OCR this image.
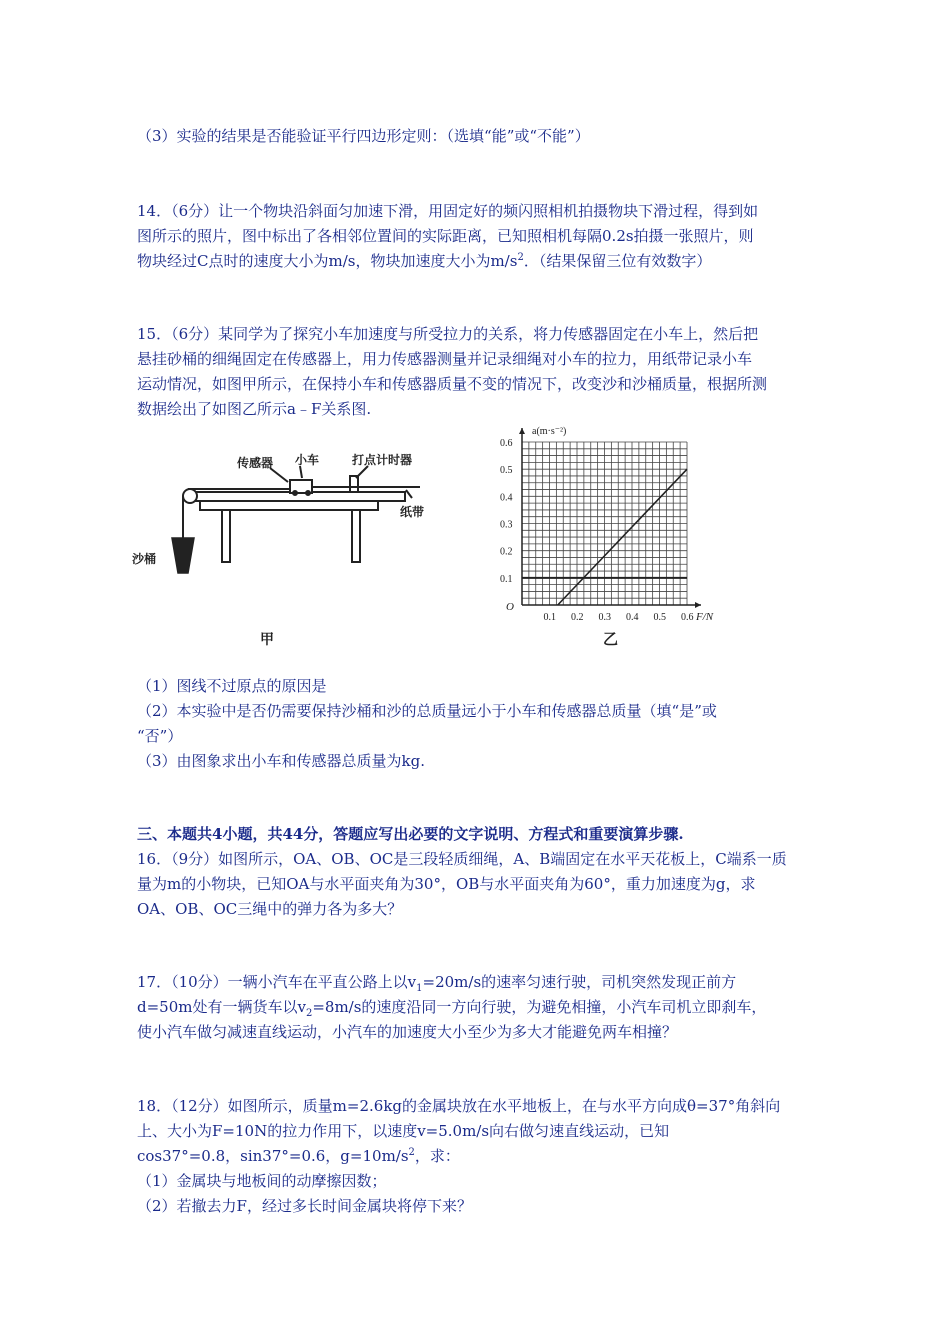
（3）实验的结果是否能验证平行四边形定则：（选填“能”或“不能”）

14．（6分）让一个物块沿斜面匀加速下滑，用固定好的频闪照相机拍摄物块下滑过程，得到如

图所示的照片，图中标出了各相邻位置间的实际距离，已知照相机每隔0.2s拍摄一张照片，则

物块经过C点时的速度大小为m/s，物块加速度大小为$m/s^2$．（结果保留三位有效数字）

15．（6分）某同学为了探究小车加速度与所受拉力的关系，将力传感器固定在小车上，然后把

悬挂砂桶的细绳固定在传感器上，用力传感器测量并记录细绳对小车的拉力，用纸带记录小车

运动情况，如图甲所示，在保持小车和传感器质量不变的情况下，改变沙和沙桶质量，根据所测

数据绘出了如图乙所示a﹣F关系图.

传感器 小车	打点计时器
纸带
沙桶
甲
0.1 0.2 0.3 0.4 0.5 0.6
0.1
0.2
0.3
0.4
0.5
0.6
a(m·s⁻²)
F/N
O
乙

（1）图线不过原点的原因是

（2）本实验中是否仍需要保持沙桶和沙的总质量远小于小车和传感器总质量（填“是”或

“否”）

（3）由图象求出小车和传感器总质量为kg.

三、本题共4小题，共44分，答题应写出必要的文字说明、方程式和重要演算步骤.

16．（9分）如图所示，OA、OB、OC是三段轻质细绳，A、B端固定在水平天花板上，C端系一质

量为m的小物块，已知OA与水平面夹角为30°，OB与水平面夹角为60°，重力加速度为g，求

OA、OB、OC三绳中的弹力各为多大？

17．（10分）一辆小汽车在平直公路上以$v_1=20m/s$的速率匀速行驶，司机突然发现正前方

d=50m处有一辆货车以$v_2=8m/s$的速度沿同一方向行驶，为避免相撞，小汽车司机立即刹车，

使小汽车做匀减速直线运动，小汽车的加速度大小至少为多大才能避免两车相撞？

18．（12分）如图所示，质量m=2.6kg的金属块放在水平地板上，在与水平方向成θ=37°角斜向

上、大小为F=10N的拉力作用下，以速度v=5.0m/s向右做匀速直线运动，已知

cos37°=0.8，sin37°=0.6，$g=10m/s^2$，求：

（1）金属块与地板间的动摩擦因数；

（2）若撤去力F，经过多长时间金属块将停下来？
